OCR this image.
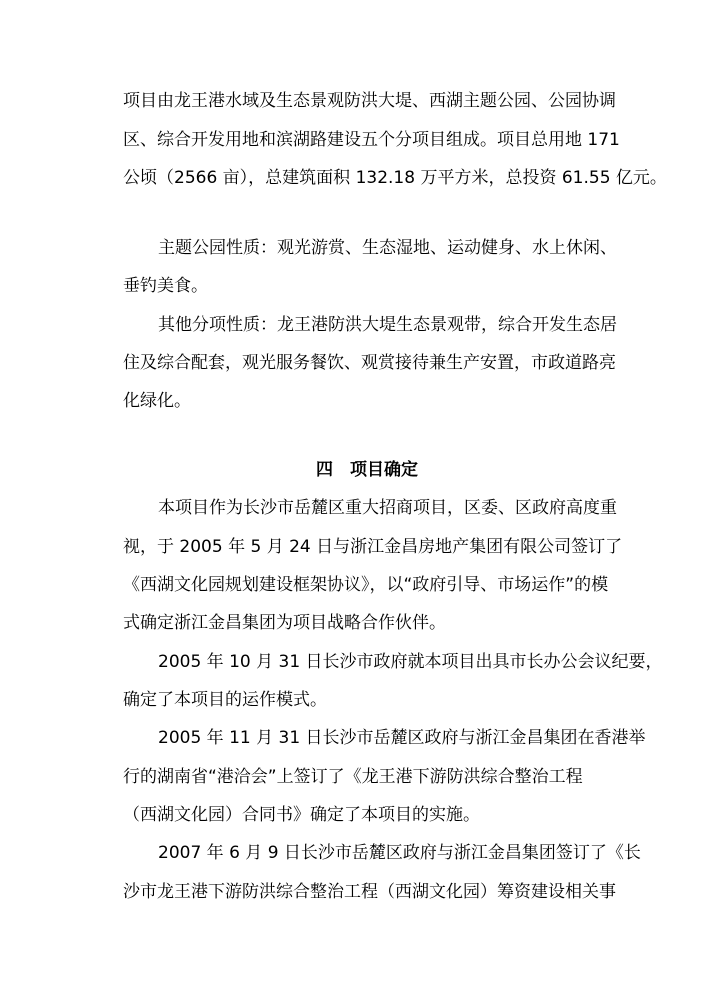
项目由龙王港水域及生态景观防洪大堤、西湖主题公园、公园协调
区、综合开发用地和滨湖路建设五个分项目组成。项目总用地 171
公顷（2566 亩），总建筑面积 132.18 万平方米，总投资 61.55 亿元。
主题公园性质：观光游赏、生态湿地、运动健身、水上休闲、
垂钓美食。
其他分项性质：龙王港防洪大堤生态景观带，综合开发生态居
住及综合配套，观光服务餐饮、观赏接待兼生产安置，市政道路亮
化绿化。
四　项目确定
本项目作为长沙市岳麓区重大招商项目，区委、区政府高度重
视，于 2005 年 5 月 24 日与浙江金昌房地产集团有限公司签订了
《西湖文化园规划建设框架协议》，以“政府引导、市场运作”的模
式确定浙江金昌集团为项目战略合作伙伴。
2005 年 10 月 31 日长沙市政府就本项目出具市长办公会议纪要，
确定了本项目的运作模式。
2005 年 11 月 31 日长沙市岳麓区政府与浙江金昌集团在香港举
行的湖南省“港洽会”上签订了《龙王港下游防洪综合整治工程
（西湖文化园）合同书》确定了本项目的实施。
2007 年 6 月 9 日长沙市岳麓区政府与浙江金昌集团签订了《长
沙市龙王港下游防洪综合整治工程（西湖文化园）筹资建设相关事
